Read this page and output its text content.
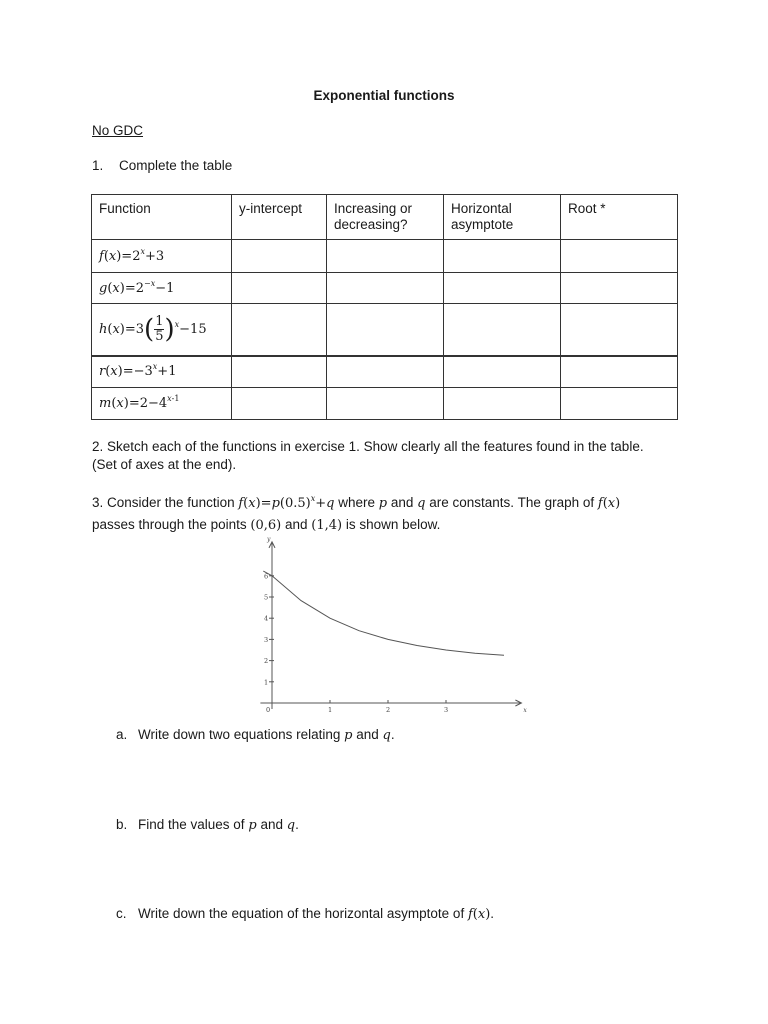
Exponential functions
No GDC
1. Complete the table
Function	y-intercept	Increasing or decreasing?	Horizontal asymptote	Root *
$f(x)=2^x+3$				
$g(x)=2^{-x}-1$				
$h(x)=3( \frac{1}{5} )^x-15$				
$r(x)=-3^x+1$				
$m(x)=2-4^{x-1}$				
2. Sketch each of the functions in exercise 1. Show clearly all the features found in the table. (Set of axes at the end).
3. Consider the function $f(x)=p(0.5)^x+q$ where p and q are constants. The graph of f(x)
passes through the points (0,6) and (1,4) is shown below.
x
y
0	1	2	3
1
2
3
4
5
6
a. Write down two equations relating p and q.
b. Find the values of p and q.
c. Write down the equation of the horizontal asymptote of f(x).
